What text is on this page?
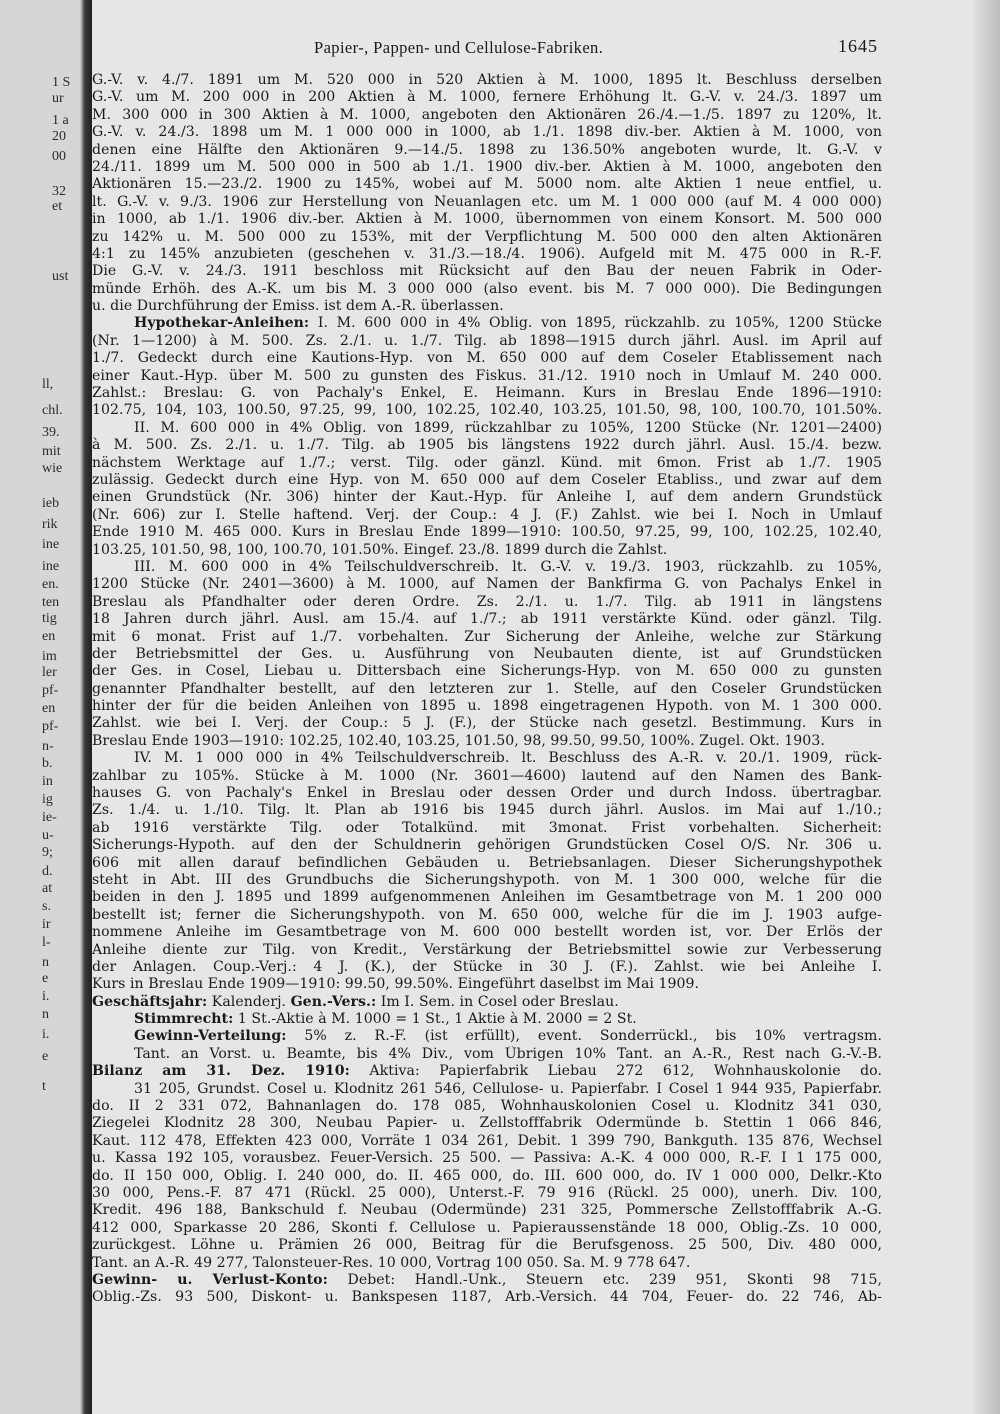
1 S
ur
1 a
20
00
32
et
ust
ll,
chl.
39.
mit
wie
ieb
rik
ine
ine
en.
ten
tig
en
im
ler
pf-
en
pf-
n-
b.
in
ig
ie-
u-
9;
d.
at
s.
ir
l-
n
e
i.
n
i.
e
t
Papier-, Pappen- und Cellulose-Fabriken.	1645
G.-V. v. 4./7. 1891 um M. 520 000 in 520 Aktien à M. 1000, 1895 lt. Beschluss derselben
G.-V. um M. 200 000 in 200 Aktien à M. 1000, fernere Erhöhung lt. G.-V. v. 24./3. 1897 um
M. 300 000 in 300 Aktien à M. 1000, angeboten den Aktionären 26./4.—1./5. 1897 zu 120%, lt.
G.-V. v. 24./3. 1898 um M. 1 000 000 in 1000, ab 1./1. 1898 div.-ber. Aktien à M. 1000, von
denen eine Hälfte den Aktionären 9.—14./5. 1898 zu 136.50% angeboten wurde, lt. G.-V. v
24./11. 1899 um M. 500 000 in 500 ab 1./1. 1900 div.-ber. Aktien à M. 1000, angeboten den
Aktionären 15.—23./2. 1900 zu 145%, wobei auf M. 5000 nom. alte Aktien 1 neue entfiel, u.
lt. G.-V. v. 9./3. 1906 zur Herstellung von Neuanlagen etc. um M. 1 000 000 (auf M. 4 000 000)
in 1000, ab 1./1. 1906 div.-ber. Aktien à M. 1000, übernommen von einem Konsort. M. 500 000
zu 142% u. M. 500 000 zu 153%, mit der Verpflichtung M. 500 000 den alten Aktionären
4:1 zu 145% anzubieten (geschehen v. 31./3.—18./4. 1906). Aufgeld mit M. 475 000 in R.-F.
Die G.-V. v. 24./3. 1911 beschloss mit Rücksicht auf den Bau der neuen Fabrik in Oder-
münde Erhöh. des A.-K. um bis M. 3 000 000 (also event. bis M. 7 000 000). Die Bedingungen
u. die Durchführung der Emiss. ist dem A.-R. überlassen.
Hypothekar-Anleihen: I. M. 600 000 in 4% Oblig. von 1895, rückzahlb. zu 105%, 1200 Stücke
(Nr. 1—1200) à M. 500. Zs. 2./1. u. 1./7. Tilg. ab 1898—1915 durch jährl. Ausl. im April auf
1./7. Gedeckt durch eine Kautions-Hyp. von M. 650 000 auf dem Coseler Etablissement nach
einer Kaut.-Hyp. über M. 500 zu gunsten des Fiskus. 31./12. 1910 noch in Umlauf M. 240 000.
Zahlst.: Breslau: G. von Pachaly's Enkel, E. Heimann. Kurs in Breslau Ende 1896—1910:
102.75, 104, 103, 100.50, 97.25, 99, 100, 102.25, 102.40, 103.25, 101.50, 98, 100, 100.70, 101.50%.
II. M. 600 000 in 4% Oblig. von 1899, rückzahlbar zu 105%, 1200 Stücke (Nr. 1201—2400)
à M. 500. Zs. 2./1. u. 1./7. Tilg. ab 1905 bis längstens 1922 durch jährl. Ausl. 15./4. bezw.
nächstem Werktage auf 1./7.; verst. Tilg. oder gänzl. Künd. mit 6mon. Frist ab 1./7. 1905
zulässig. Gedeckt durch eine Hyp. von M. 650 000 auf dem Coseler Etabliss., und zwar auf dem
einen Grundstück (Nr. 306) hinter der Kaut.-Hyp. für Anleihe I, auf dem andern Grundstück
(Nr. 606) zur I. Stelle haftend. Verj. der Coup.: 4 J. (F.) Zahlst. wie bei I. Noch in Umlauf
Ende 1910 M. 465 000. Kurs in Breslau Ende 1899—1910: 100.50, 97.25, 99, 100, 102.25, 102.40,
103.25, 101.50, 98, 100, 100.70, 101.50%. Eingef. 23./8. 1899 durch die Zahlst.
III. M. 600 000 in 4% Teilschuldverschreib. lt. G.-V. v. 19./3. 1903, rückzahlb. zu 105%,
1200 Stücke (Nr. 2401—3600) à M. 1000, auf Namen der Bankfirma G. von Pachalys Enkel in
Breslau als Pfandhalter oder deren Ordre. Zs. 2./1. u. 1./7. Tilg. ab 1911 in längstens
18 Jahren durch jährl. Ausl. am 15./4. auf 1./7.; ab 1911 verstärkte Künd. oder gänzl. Tilg.
mit 6 monat. Frist auf 1./7. vorbehalten. Zur Sicherung der Anleihe, welche zur Stärkung
der Betriebsmittel der Ges. u. Ausführung von Neubauten diente, ist auf Grundstücken
der Ges. in Cosel, Liebau u. Dittersbach eine Sicherungs-Hyp. von M. 650 000 zu gunsten
genannter Pfandhalter bestellt, auf den letzteren zur 1. Stelle, auf den Coseler Grundstücken
hinter der für die beiden Anleihen von 1895 u. 1898 eingetragenen Hypoth. von M. 1 300 000.
Zahlst. wie bei I. Verj. der Coup.: 5 J. (F.), der Stücke nach gesetzl. Bestimmung. Kurs in
Breslau Ende 1903—1910: 102.25, 102.40, 103.25, 101.50, 98, 99.50, 99.50, 100%. Zugel. Okt. 1903.
IV. M. 1 000 000 in 4% Teilschuldverschreib. lt. Beschluss des A.-R. v. 20./1. 1909, rück-
zahlbar zu 105%. Stücke à M. 1000 (Nr. 3601—4600) lautend auf den Namen des Bank-
hauses G. von Pachaly's Enkel in Breslau oder dessen Order und durch Indoss. übertragbar.
Zs. 1./4. u. 1./10. Tilg. lt. Plan ab 1916 bis 1945 durch jährl. Auslos. im Mai auf 1./10.;
ab 1916 verstärkte Tilg. oder Totalkünd. mit 3monat. Frist vorbehalten. Sicherheit:
Sicherungs-Hypoth. auf den der Schuldnerin gehörigen Grundstücken Cosel O/S. Nr. 306 u.
606 mit allen darauf befindlichen Gebäuden u. Betriebsanlagen. Dieser Sicherungshypothek
steht in Abt. III des Grundbuchs die Sicherungshypoth. von M. 1 300 000, welche für die
beiden in den J. 1895 und 1899 aufgenommenen Anleihen im Gesamtbetrage von M. 1 200 000
bestellt ist; ferner die Sicherungshypoth. von M. 650 000, welche für die im J. 1903 aufge-
nommene Anleihe im Gesamtbetrage von M. 600 000 bestellt worden ist, vor. Der Erlös der
Anleihe diente zur Tilg. von Kredit., Verstärkung der Betriebsmittel sowie zur Verbesserung
der Anlagen. Coup.-Verj.: 4 J. (K.), der Stücke in 30 J. (F.). Zahlst. wie bei Anleihe I.
Kurs in Breslau Ende 1909—1910: 99.50, 99.50%. Eingeführt daselbst im Mai 1909.
Geschäftsjahr: Kalenderj. Gen.-Vers.: Im I. Sem. in Cosel oder Breslau.
Stimmrecht: 1 St.-Aktie à M. 1000 = 1 St., 1 Aktie à M. 2000 = 2 St.
Gewinn-Verteilung: 5% z. R.-F. (ist erfüllt), event. Sonderrückl., bis 10% vertragsm.
Tant. an Vorst. u. Beamte, bis 4% Div., vom Übrigen 10% Tant. an A.-R., Rest nach G.-V.-B.
Bilanz am 31. Dez. 1910: Aktiva: Papierfabrik Liebau 272 612, Wohnhauskolonie do.
31 205, Grundst. Cosel u. Klodnitz 261 546, Cellulose- u. Papierfabr. I Cosel 1 944 935, Papierfabr.
do. II 2 331 072, Bahnanlagen do. 178 085, Wohnhauskolonien Cosel u. Klodnitz 341 030,
Ziegelei Klodnitz 28 300, Neubau Papier- u. Zellstofffabrik Odermünde b. Stettin 1 066 846,
Kaut. 112 478, Effekten 423 000, Vorräte 1 034 261, Debit. 1 399 790, Bankguth. 135 876, Wechsel
u. Kassa 192 105, vorausbez. Feuer-Versich. 25 500. — Passiva: A.-K. 4 000 000, R.-F. I 1 175 000,
do. II 150 000, Oblig. I. 240 000, do. II. 465 000, do. III. 600 000, do. IV 1 000 000, Delkr.-Kto
30 000, Pens.-F. 87 471 (Rückl. 25 000), Unterst.-F. 79 916 (Rückl. 25 000), unerh. Div. 100,
Kredit. 496 188, Bankschuld f. Neubau (Odermünde) 231 325, Pommersche Zellstofffabrik A.-G.
412 000, Sparkasse 20 286, Skonti f. Cellulose u. Papieraussenstände 18 000, Oblig.-Zs. 10 000,
zurückgest. Löhne u. Prämien 26 000, Beitrag für die Berufsgenoss. 25 500, Div. 480 000,
Tant. an A.-R. 49 277, Talonsteuer-Res. 10 000, Vortrag 100 050. Sa. M. 9 778 647.
Gewinn- u. Verlust-Konto: Debet: Handl.-Unk., Steuern etc. 239 951, Skonti 98 715,
Oblig.-Zs. 93 500, Diskont- u. Bankspesen 1187, Arb.-Versich. 44 704, Feuer- do. 22 746, Ab-
